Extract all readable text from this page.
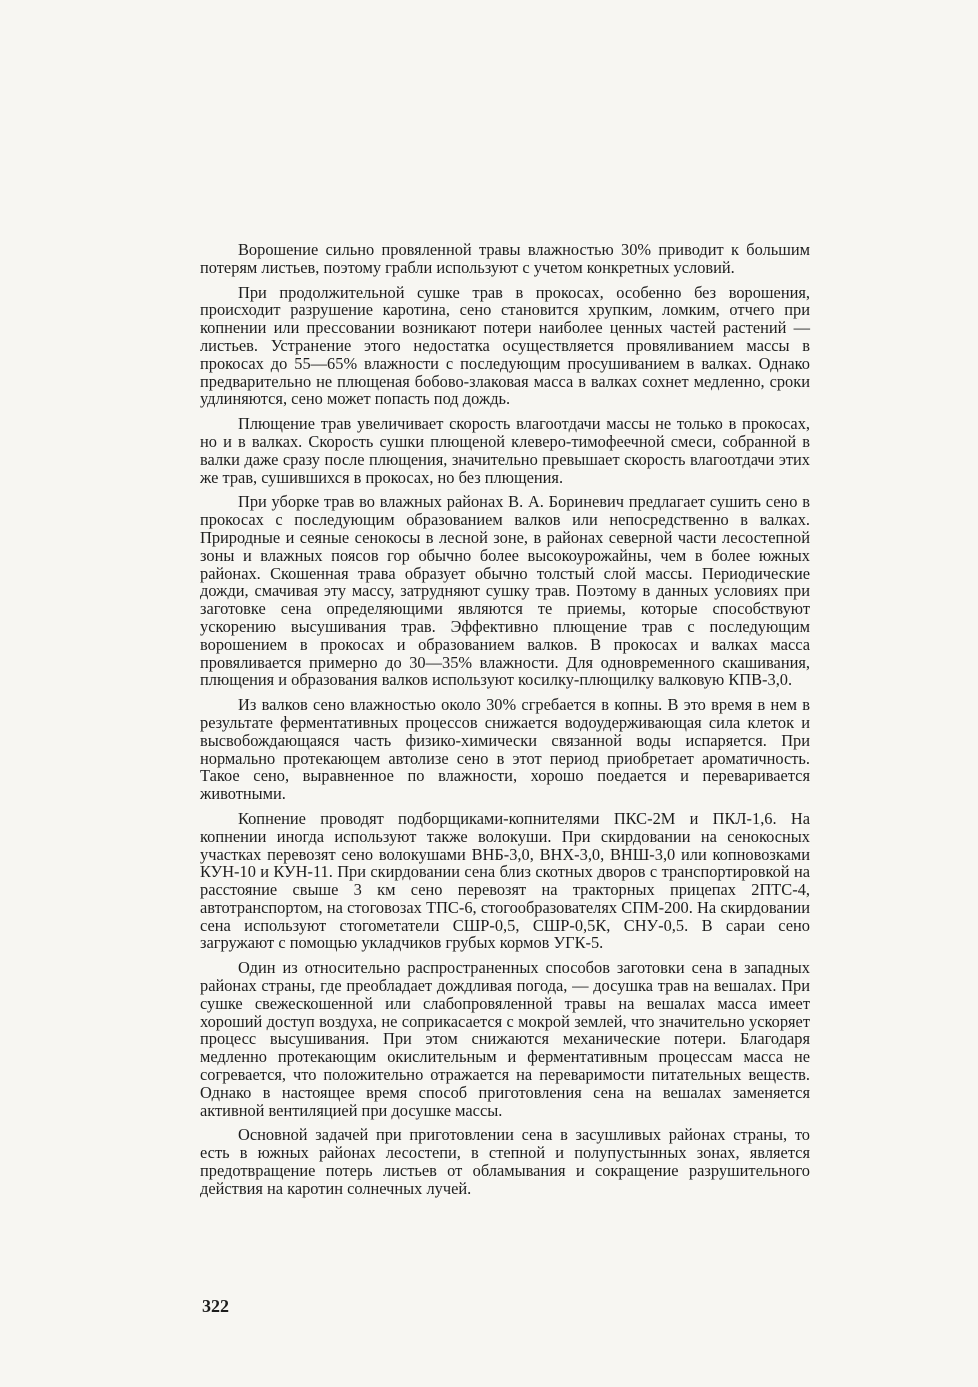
Ворошение сильно провяленной травы влажностью 30% приводит к большим потерям листьев, поэтому грабли используют с учетом конкретных условий.

При продолжительной сушке трав в прокосах, особенно без ворошения, происходит разрушение каротина, сено становится хрупким, ломким, отчего при копнении или прессовании возникают потери наиболее ценных частей растений — листьев. Устранение этого недостатка осуществляется провяливанием массы в прокосах до 55—65% влажности с последующим просушиванием в валках. Однако предварительно не плющеная бобово-злаковая масса в валках сохнет медленно, сроки удлиняются, сено может попасть под дождь.

Плющение трав увеличивает скорость влагоотдачи массы не только в прокосах, но и в валках. Скорость сушки плющеной клеверо-тимофеечной смеси, собранной в валки даже сразу после плющения, значительно превышает скорость влагоотдачи этих же трав, сушившихся в прокосах, но без плющения.

При уборке трав во влажных районах В. А. Бориневич предлагает сушить сено в прокосах с последующим образованием валков или непосредственно в валках. Природные и сеяные сенокосы в лесной зоне, в районах северной части лесостепной зоны и влажных поясов гор обычно более высокоурожайны, чем в более южных районах. Скошенная трава образует обычно толстый слой массы. Периодические дожди, смачивая эту массу, затрудняют сушку трав. Поэтому в данных условиях при заготовке сена определяющими являются те приемы, которые способствуют ускорению высушивания трав. Эффективно плющение трав с последующим ворошением в прокосах и образованием валков. В прокосах и валках масса провяливается примерно до 30—35% влажности. Для одновременного скашивания, плющения и образования валков используют косилку-плющилку валковую КПВ-3,0.

Из валков сено влажностью около 30% сгребается в копны. В это время в нем в результате ферментативных процессов снижается водоудерживающая сила клеток и высвобождающаяся часть физико-химически связанной воды испаряется. При нормально протекающем автолизе сено в этот период приобретает ароматичность. Такое сено, выравненное по влажности, хорошо поедается и переваривается животными.

Копнение проводят подборщиками-копнителями ПКС-2М и ПКЛ-1,6. На копнении иногда используют также волокуши. При скирдовании на сенокосных участках перевозят сено волокушами ВНБ-3,0, ВНХ-3,0, ВНШ-3,0 или копновозками КУН-10 и КУН-11. При скирдовании сена близ скотных дворов с транспортировкой на расстояние свыше 3 км сено перевозят на тракторных прицепах 2ПТС-4, автотранспортом, на стоговозах ТПС-6, стогообразователях СПМ-200. На скирдовании сена используют стогометатели СШР-0,5, СШР-0,5К, СНУ-0,5. В сараи сено загружают с помощью укладчиков грубых кормов УГК-5.

Один из относительно распространенных способов заготовки сена в западных районах страны, где преобладает дождливая погода, — досушка трав на вешалах. При сушке свежескошенной или слабопровяленной травы на вешалах масса имеет хороший доступ воздуха, не соприкасается с мокрой землей, что значительно ускоряет процесс высушивания. При этом снижаются механические потери. Благодаря медленно протекающим окислительным и ферментативным процессам масса не согревается, что положительно отражается на переваримости питательных веществ. Однако в настоящее время способ приготовления сена на вешалах заменяется активной вентиляцией при досушке массы.

Основной задачей при приготовлении сена в засушливых районах страны, то есть в южных районах лесостепи, в степной и полупустынных зонах, является предотвращение потерь листьев от обламывания и сокращение разрушительного действия на каротин солнечных лучей.

322
